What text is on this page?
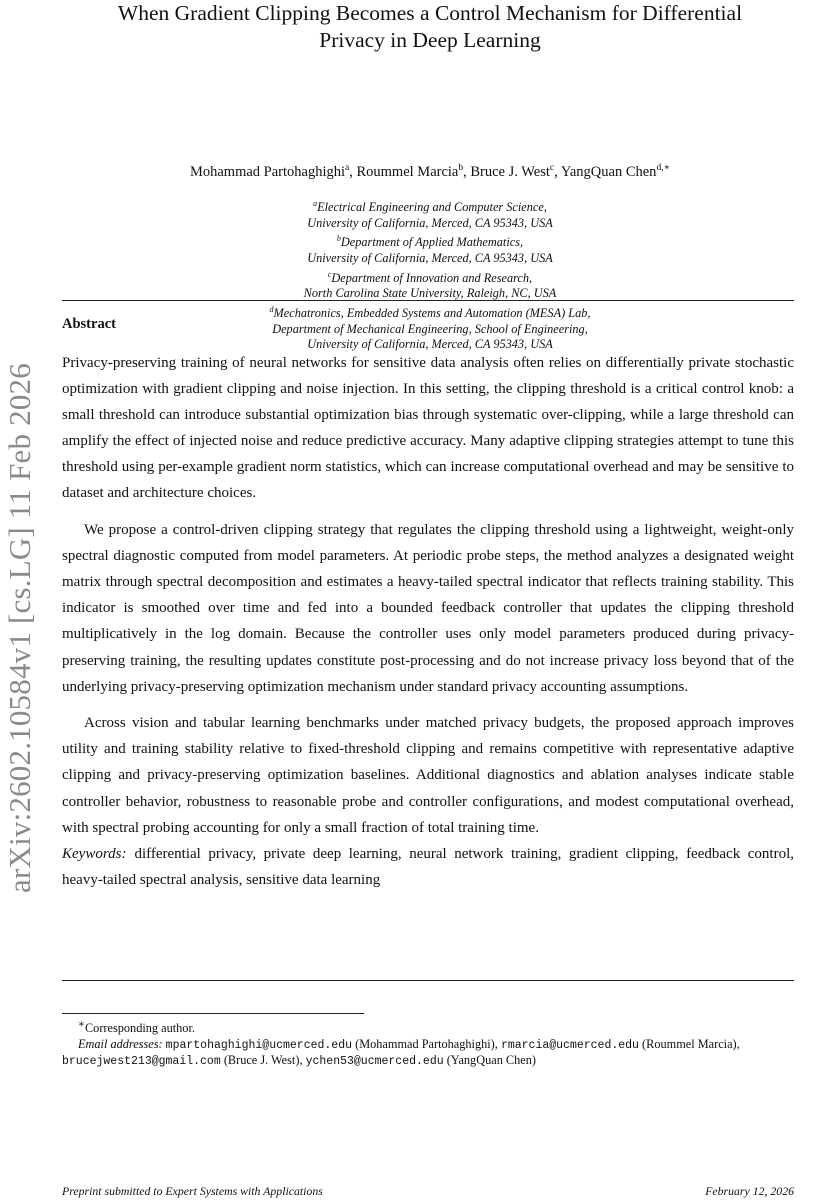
arXiv:2602.10584v1 [cs.LG] 11 Feb 2026
When Gradient Clipping Becomes a Control Mechanism for Differential
Privacy in Deep Learning
Mohammad Partohaghighi$^a$, Roummel Marcia$^b$, Bruce J. West$^c$, YangQuan Chen$^{d,∗}$
$^a$Electrical Engineering and Computer Science,
University of California, Merced, CA 95343, USA
$^b$Department of Applied Mathematics,
University of California, Merced, CA 95343, USA
$^c$Department of Innovation and Research,
North Carolina State University, Raleigh, NC, USA
$^d$Mechatronics, Embedded Systems and Automation (MESA) Lab,
Department of Mechanical Engineering, School of Engineering,
University of California, Merced, CA 95343, USA
Abstract

Privacy-preserving training of neural networks for sensitive data analysis often relies on differentially private stochastic optimization with gradient clipping and noise injection. In this setting, the clipping threshold is a critical control knob: a small threshold can introduce substantial optimization bias through systematic over-clipping, while a large threshold can amplify the effect of injected noise and reduce predictive accuracy. Many adaptive clipping strategies attempt to tune this threshold using per-example gradient norm statistics, which can increase computational overhead and may be sensitive to dataset and architecture choices.

We propose a control-driven clipping strategy that regulates the clipping threshold using a lightweight, weight-only spectral diagnostic computed from model parameters. At periodic probe steps, the method analyzes a designated weight matrix through spectral decomposition and estimates a heavy-tailed spectral indicator that reflects training stability. This indicator is smoothed over time and fed into a bounded feedback controller that updates the clipping threshold multiplicatively in the log domain. Because the controller uses only model parameters produced during privacy-preserving training, the resulting updates constitute post-processing and do not increase privacy loss beyond that of the underlying privacy-preserving optimization mechanism under standard privacy accounting assumptions.

Across vision and tabular learning benchmarks under matched privacy budgets, the proposed approach improves utility and training stability relative to fixed-threshold clipping and remains competitive with representative adaptive clipping and privacy-preserving optimization baselines. Additional diagnostics and ablation analyses indicate stable controller behavior, robustness to reasonable probe and controller configurations, and modest computational overhead, with spectral probing accounting for only a small fraction of total training time.

Keywords: differential privacy, private deep learning, neural network training, gradient clipping, feedback control, heavy-tailed spectral analysis, sensitive data learning

∗Corresponding author.
Email addresses: mpartohaghighi@ucmerced.edu (Mohammad Partohaghighi), rmarcia@ucmerced.edu (Roummel Marcia),
brucejwest213@gmail.com (Bruce J. West), ychen53@ucmerced.edu (YangQuan Chen)
Preprint submitted to Expert Systems with Applications	February 12, 2026
